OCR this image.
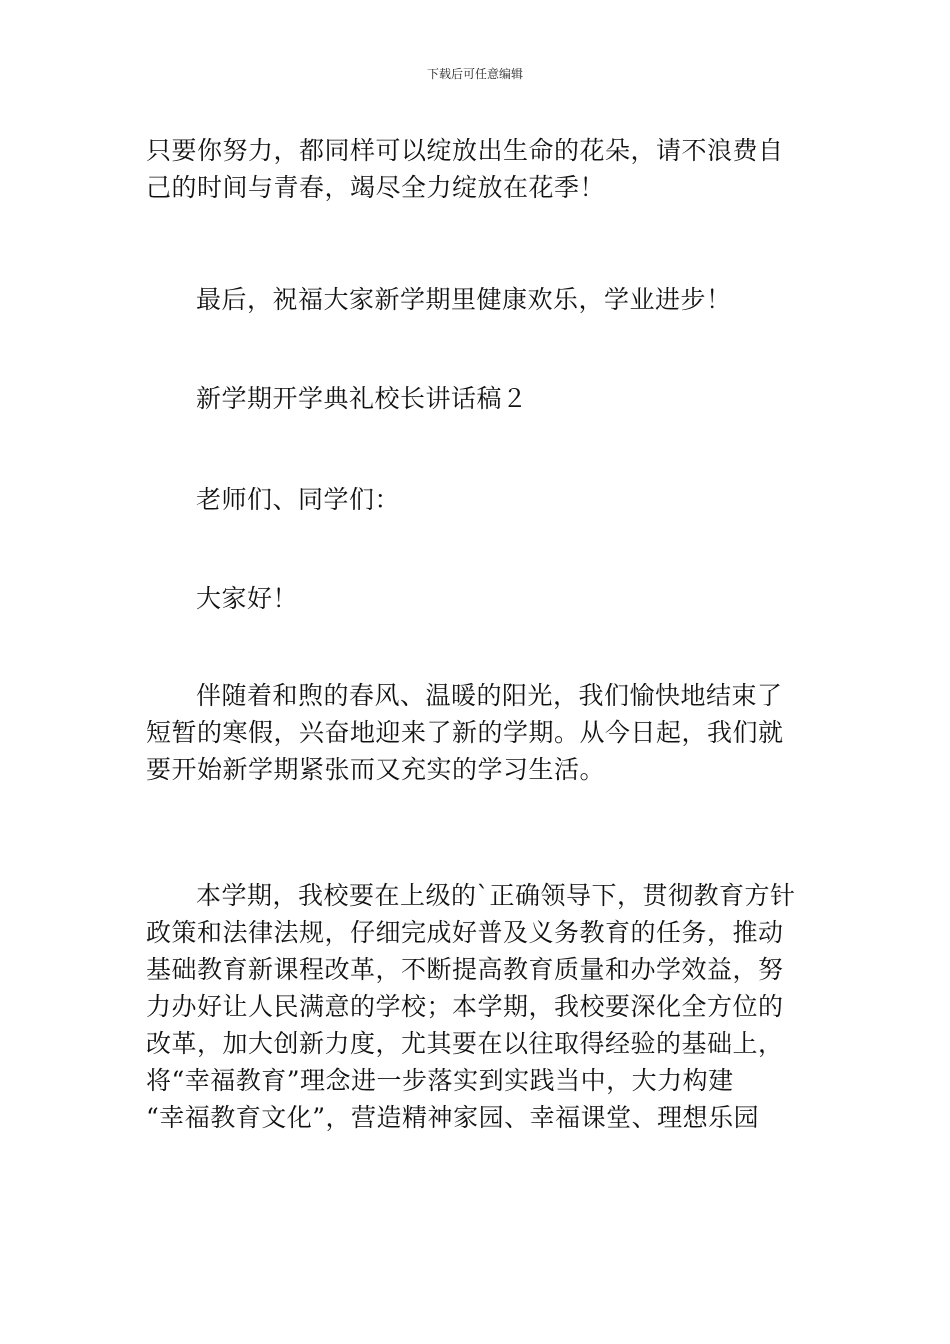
下载后可任意编辑
只要你努力，都同样可以绽放出生命的花朵，请不浪费自
己的时间与青春，竭尽全力绽放在花季！
最后，祝福大家新学期里健康欢乐，学业进步！
新学期开学典礼校长讲话稿２
老师们、同学们：
大家好！
伴随着和煦的春风、温暖的阳光，我们愉快地结束了
短暂的寒假，兴奋地迎来了新的学期。从今日起，我们就
要开始新学期紧张而又充实的学习生活。
本学期，我校要在上级的`正确领导下，贯彻教育方针
政策和法律法规，仔细完成好普及义务教育的任务，推动
基础教育新课程改革，不断提高教育质量和办学效益，努
力办好让人民满意的学校；本学期，我校要深化全方位的
改革，加大创新力度，尤其要在以往取得经验的基础上，
将“幸福教育”理念进一步落实到实践当中，大力构建
“幸福教育文化”，营造精神家园、幸福课堂、理想乐园
